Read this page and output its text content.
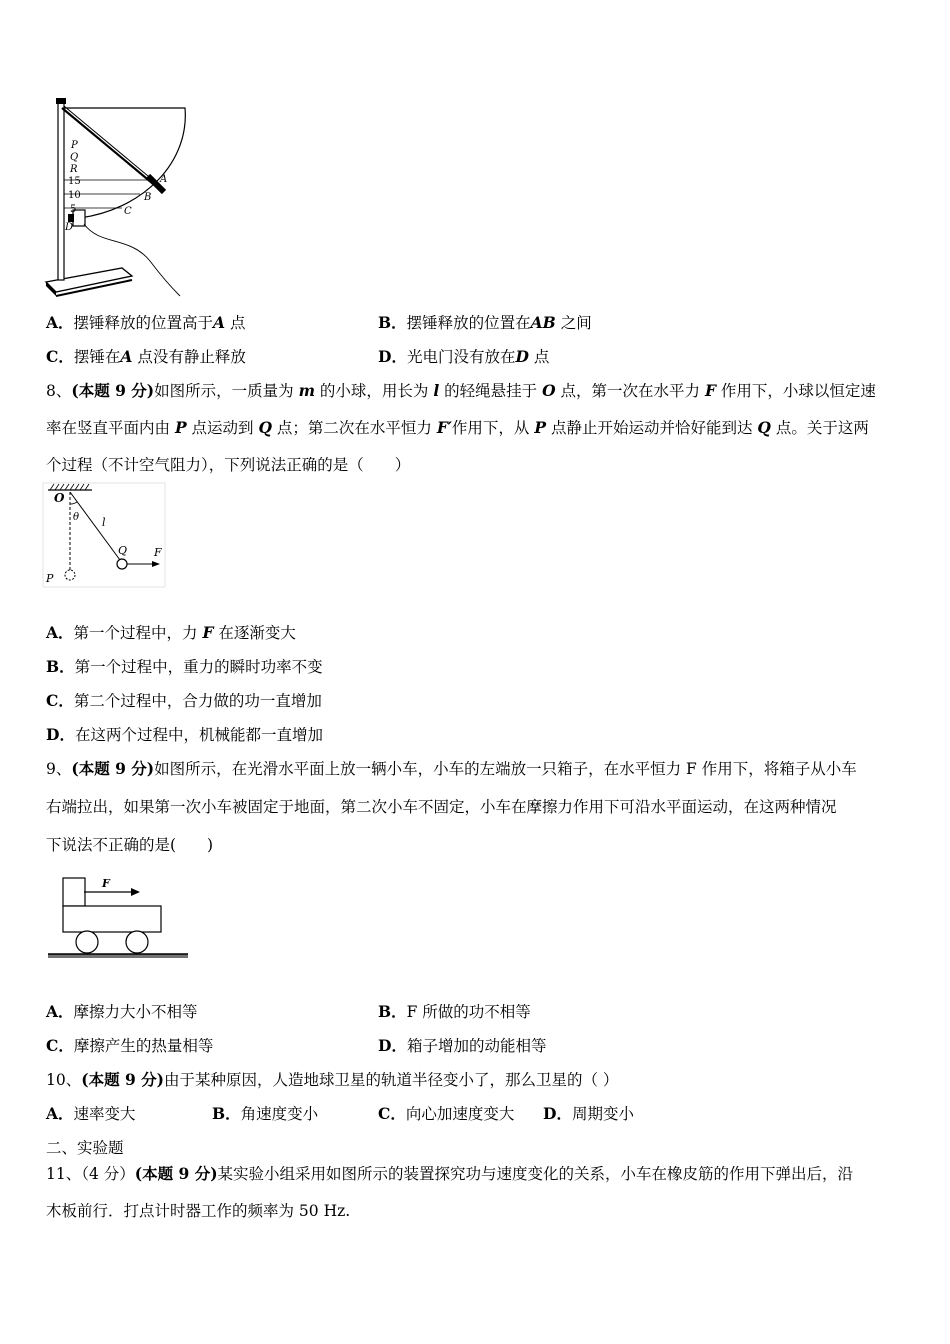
P
Q
R
15
10
5
D
A
B
C
A．摆锤释放的位置高于A 点	B．摆锤释放的位置在AB 之间
C．摆锤在A 点没有静止释放	D．光电门没有放在D 点
8、(本题 9 分)如图所示，一质量为 m 的小球，用长为 l 的轻绳悬挂于 O 点，第一次在水平力 F 作用下，小球以恒定速
率在竖直平面内由 P 点运动到 Q 点；第二次在水平恒力 F′作用下，从 P 点静止开始运动并恰好能到达 Q 点。关于这两
个过程（不计空气阻力），下列说法正确的是（　　）
O
θ l
Q F
P
A．第一个过程中，力 F 在逐渐变大
B．第一个过程中，重力的瞬时功率不变
C．第二个过程中，合力做的功一直增加
D．在这两个过程中，机械能都一直增加
9、(本题 9 分)如图所示，在光滑水平面上放一辆小车，小车的左端放一只箱子，在水平恒力 F 作用下，将箱子从小车
右端拉出，如果第一次小车被固定于地面，第二次小车不固定，小车在摩擦力作用下可沿水平面运动，在这两种情况
下说法不正确的是(　　)
F
A．摩擦力大小不相等	B．F 所做的功不相等
C．摩擦产生的热量相等	D．箱子增加的动能相等
10、(本题 9 分)由于某种原因，人造地球卫星的轨道半径变小了，那么卫星的（ ）
A．速率变大	B．角速度变小	C．向心加速度变大 D．周期变小
二、实验题
11、（4 分）(本题 9 分)某实验小组采用如图所示的装置探究功与速度变化的关系，小车在橡皮筋的作用下弹出后，沿
木板前行．打点计时器工作的频率为 50 Hz.
